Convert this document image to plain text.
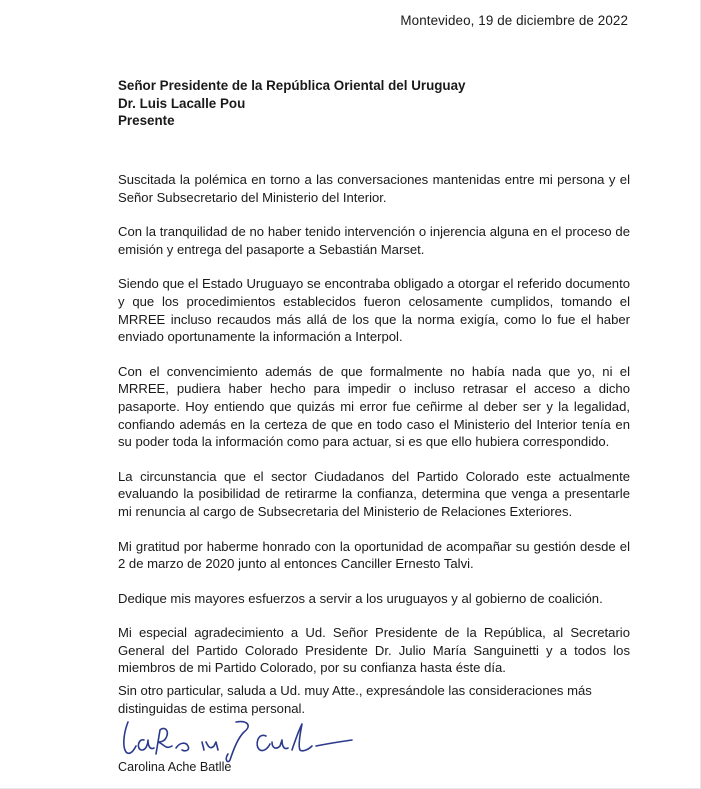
Montevideo, 19 de diciembre de 2022
Señor Presidente de la República Oriental del Uruguay
Dr. Luis Lacalle Pou
Presente

Suscitada la polémica en torno a las conversaciones mantenidas entre mi persona y el Señor Subsecretario del Ministerio del Interior.

Con la tranquilidad de no haber tenido intervención o injerencia alguna en el proceso de emisión y entrega del pasaporte a Sebastián Marset.

Siendo que el Estado Uruguayo se encontraba obligado a otorgar el referido documento y que los procedimientos establecidos fueron celosamente cumplidos, tomando el MRREE incluso recaudos más allá de los que la norma exigía, como lo fue el haber enviado oportunamente la información a Interpol.

Con el convencimiento además de que formalmente no había nada que yo, ni el MRREE, pudiera haber hecho para impedir o incluso retrasar el acceso a dicho pasaporte. Hoy entiendo que quizás mi error fue ceñirme al deber ser y la legalidad, confiando además en la certeza de que en todo caso el Ministerio del Interior tenía en su poder toda la información como para actuar, si es que ello hubiera correspondido.

La circunstancia que el sector Ciudadanos del Partido Colorado este actualmente evaluando la posibilidad de retirarme la confianza, determina que venga a presentarle mi renuncia al cargo de Subsecretaria del Ministerio de Relaciones Exteriores.

Mi gratitud por haberme honrado con la oportunidad de acompañar su gestión desde el 2 de marzo de 2020 junto al entonces Canciller Ernesto Talvi.

Dedique mis mayores esfuerzos a servir a los uruguayos y al gobierno de coalición.

Mi especial agradecimiento a Ud. Señor Presidente de la República, al Secretario General del Partido Colorado Presidente Dr. Julio María Sanguinetti y a todos los miembros de mi Partido Colorado, por su confianza hasta éste día.

Sin otro particular, saluda a Ud. muy Atte., expresándole las consideraciones más distinguidas de estima personal.

Carolina Ache Batlle
